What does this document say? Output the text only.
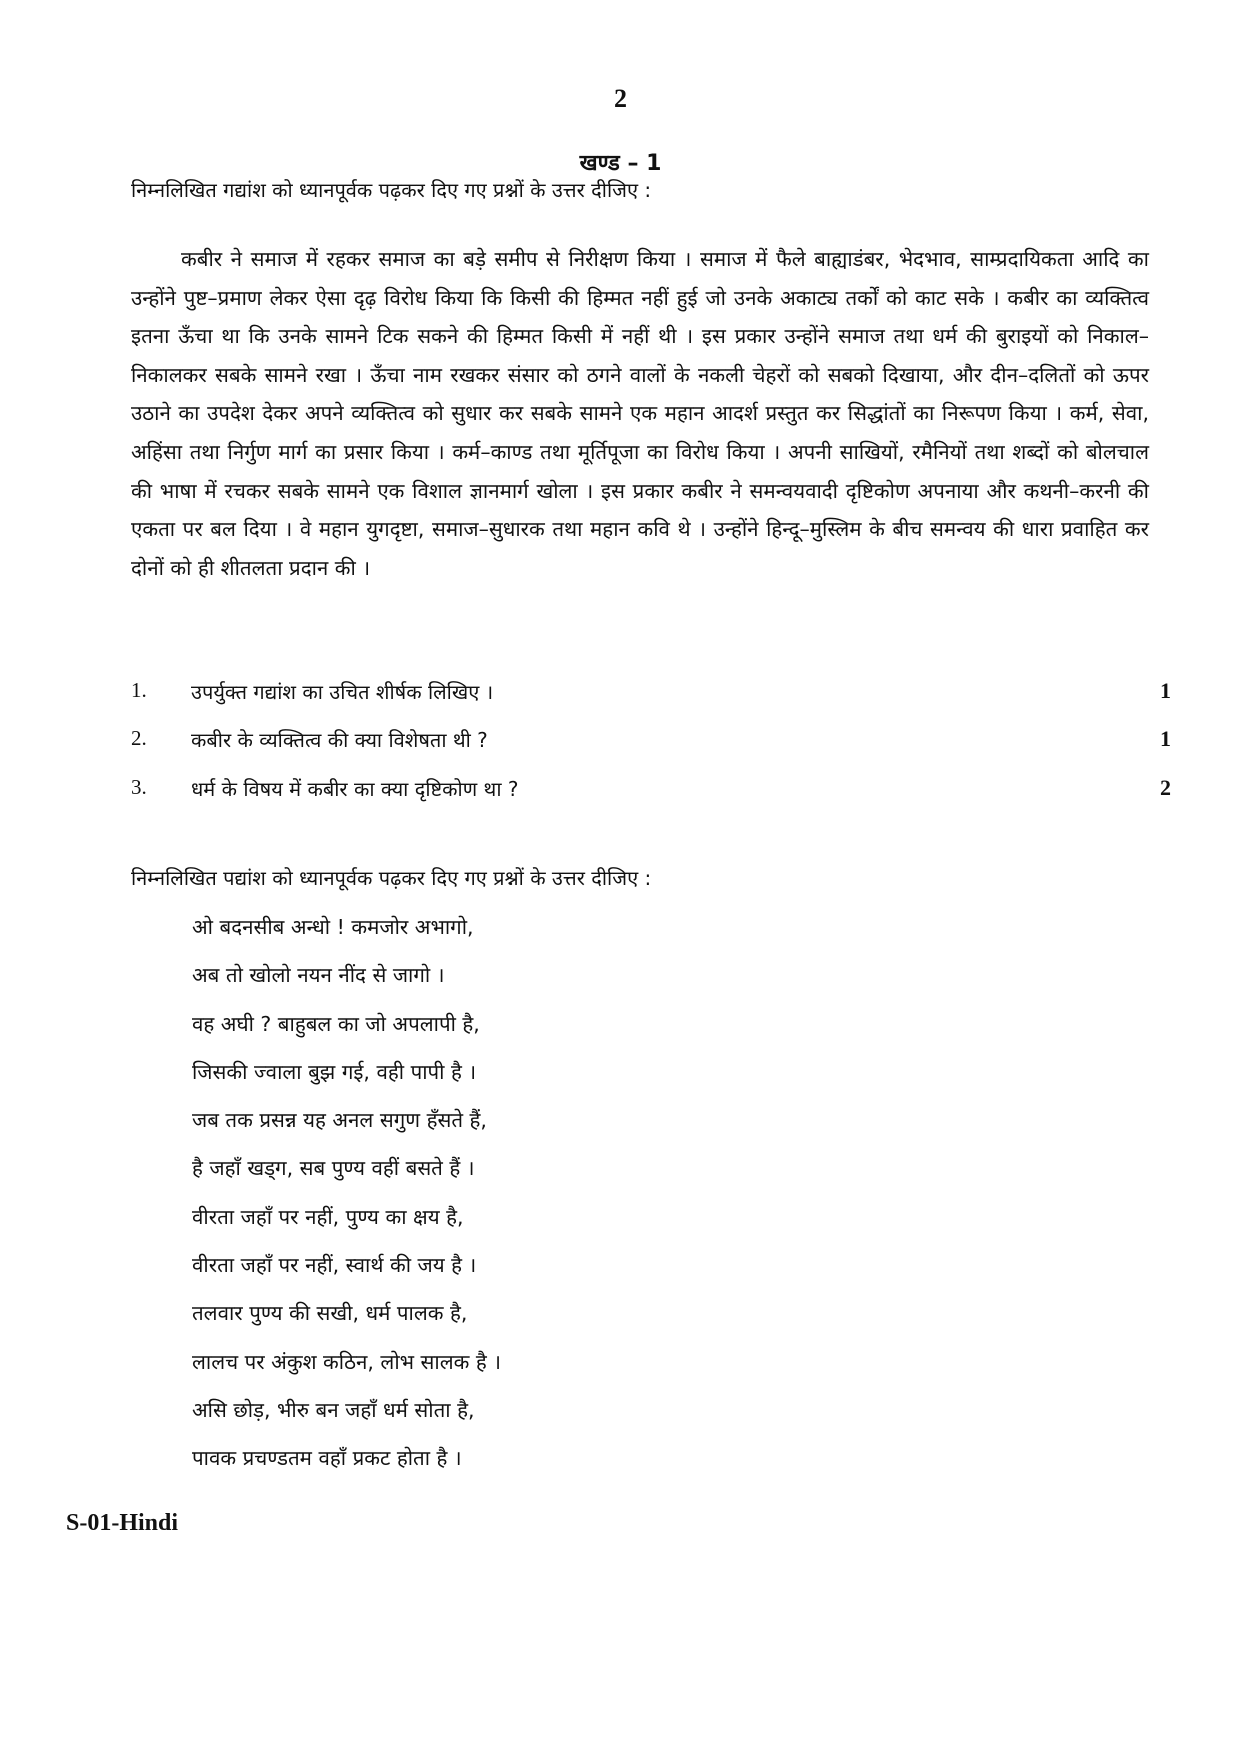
2
खण्ड – 1
निम्नलिखित गद्यांश को ध्यानपूर्वक पढ़कर दिए गए प्रश्नों के उत्तर दीजिए :

कबीर ने समाज में रहकर समाज का बड़े समीप से निरीक्षण किया । समाज में फैले बाह्याडंबर, भेदभाव, साम्प्रदायिकता आदि का उन्होंने पुष्ट–प्रमाण लेकर ऐसा दृढ़ विरोध किया कि किसी की हिम्मत नहीं हुई जो उनके अकाट्य तर्कों को काट सके । कबीर का व्यक्तित्व इतना ऊँचा था कि उनके सामने टिक सकने की हिम्मत किसी में नहीं थी । इस प्रकार उन्होंने समाज तथा धर्म की बुराइयों को निकाल–निकालकर सबके सामने रखा । ऊँचा नाम रखकर संसार को ठगने वालों के नकली चेहरों को सबको दिखाया, और दीन–दलितों को ऊपर उठाने का उपदेश देकर अपने व्यक्तित्व को सुधार कर सबके सामने एक महान आदर्श प्रस्तुत कर सिद्धांतों का निरूपण किया । कर्म, सेवा, अहिंसा तथा निर्गुण मार्ग का प्रसार किया । कर्म–काण्ड तथा मूर्तिपूजा का विरोध किया । अपनी साखियों, रमैनियों तथा शब्दों को बोलचाल की भाषा में रचकर सबके सामने एक विशाल ज्ञानमार्ग खोला । इस प्रकार कबीर ने समन्वयवादी दृष्टिकोण अपनाया और कथनी–करनी की एकता पर बल दिया । वे महान युगदृष्टा, समाज–सुधारक तथा महान कवि थे । उन्होंने हिन्दू–मुस्लिम के बीच समन्वय की धारा प्रवाहित कर दोनों को ही शीतलता प्रदान की ।

1. उपर्युक्त गद्यांश का उचित शीर्षक लिखिए ।	1
2. कबीर के व्यक्तित्व की क्या विशेषता थी ?	1
3. धर्म के विषय में कबीर का क्या दृष्टिकोण था ?	2
निम्नलिखित पद्यांश को ध्यानपूर्वक पढ़कर दिए गए प्रश्नों के उत्तर दीजिए :
ओ बदनसीब अन्धो ! कमजोर अभागो,
अब तो खोलो नयन नींद से जागो ।
वह अघी ? बाहुबल का जो अपलापी है,
जिसकी ज्वाला बुझ गई, वही पापी है ।
जब तक प्रसन्न यह अनल सगुण हँसते हैं,
है जहाँ खड्ग, सब पुण्य वहीं बसते हैं ।
वीरता जहाँ पर नहीं, पुण्य का क्षय है,
वीरता जहाँ पर नहीं, स्वार्थ की जय है ।
तलवार पुण्य की सखी, धर्म पालक है,
लालच पर अंकुश कठिन, लोभ सालक है ।
असि छोड़, भीरु बन जहाँ धर्म सोता है,
पावक प्रचण्डतम वहाँ प्रकट होता है ।
S-01-Hindi
